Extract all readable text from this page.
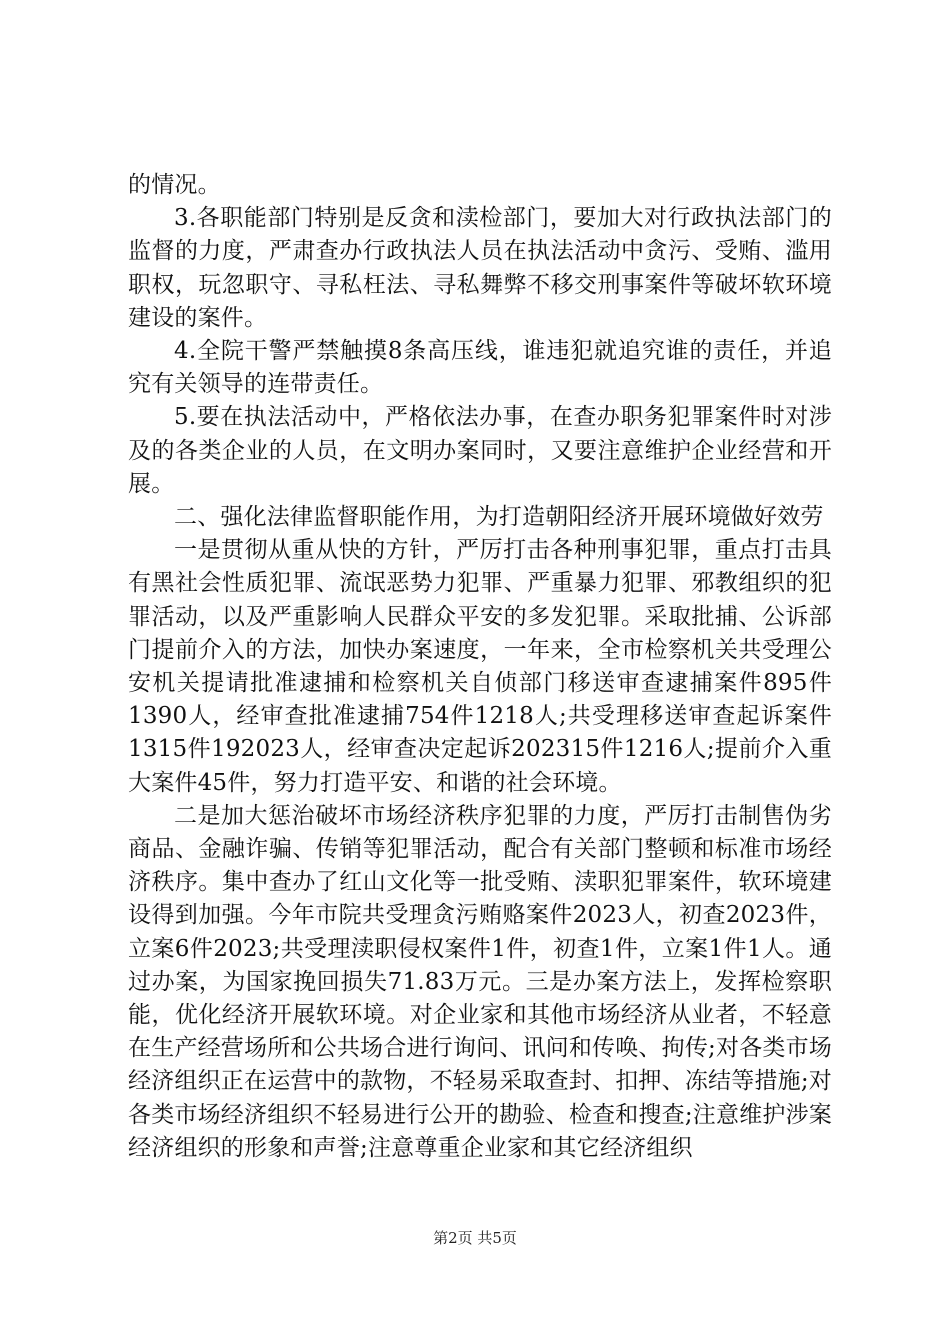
的情况。

3.各职能部门特别是反贪和渎检部门，要加大对行政执法部门的监督的力度，严肃查办行政执法人员在执法活动中贪污、受贿、滥用职权，玩忽职守、寻私枉法、寻私舞弊不移交刑事案件等破坏软环境建设的案件。

4.全院干警严禁触摸8条高压线，谁违犯就追究谁的责任，并追究有关领导的连带责任。

5.要在执法活动中，严格依法办事，在查办职务犯罪案件时对涉及的各类企业的人员，在文明办案同时，又要注意维护企业经营和开展。

二、强化法律监督职能作用，为打造朝阳经济开展环境做好效劳

一是贯彻从重从快的方针，严厉打击各种刑事犯罪，重点打击具有黑社会性质犯罪、流氓恶势力犯罪、严重暴力犯罪、邪教组织的犯罪活动，以及严重影响人民群众平安的多发犯罪。采取批捕、公诉部门提前介入的方法，加快办案速度，一年来，全市检察机关共受理公安机关提请批准逮捕和检察机关自侦部门移送审查逮捕案件895件1390人，经审查批准逮捕754件1218人;共受理移送审查起诉案件1315件192023人，经审查决定起诉202315件1216人;提前介入重大案件45件，努力打造平安、和谐的社会环境。

二是加大惩治破坏市场经济秩序犯罪的力度，严厉打击制售伪劣商品、金融诈骗、传销等犯罪活动，配合有关部门整顿和标准市场经济秩序。集中查办了红山文化等一批受贿、渎职犯罪案件，软环境建设得到加强。今年市院共受理贪污贿赂案件2023人，初查2023件，立案6件2023;共受理渎职侵权案件1件，初查1件，立案1件1人。通过办案，为国家挽回损失71.83万元。三是办案方法上，发挥检察职能，优化经济开展软环境。对企业家和其他市场经济从业者，不轻意在生产经营场所和公共场合进行询问、讯问和传唤、拘传;对各类市场经济组织正在运营中的款物，不轻易采取查封、扣押、冻结等措施;对各类市场经济组织不轻易进行公开的勘验、检查和搜查;注意维护涉案经济组织的形象和声誉;注意尊重企业家和其它经济组织

第2页 共5页
